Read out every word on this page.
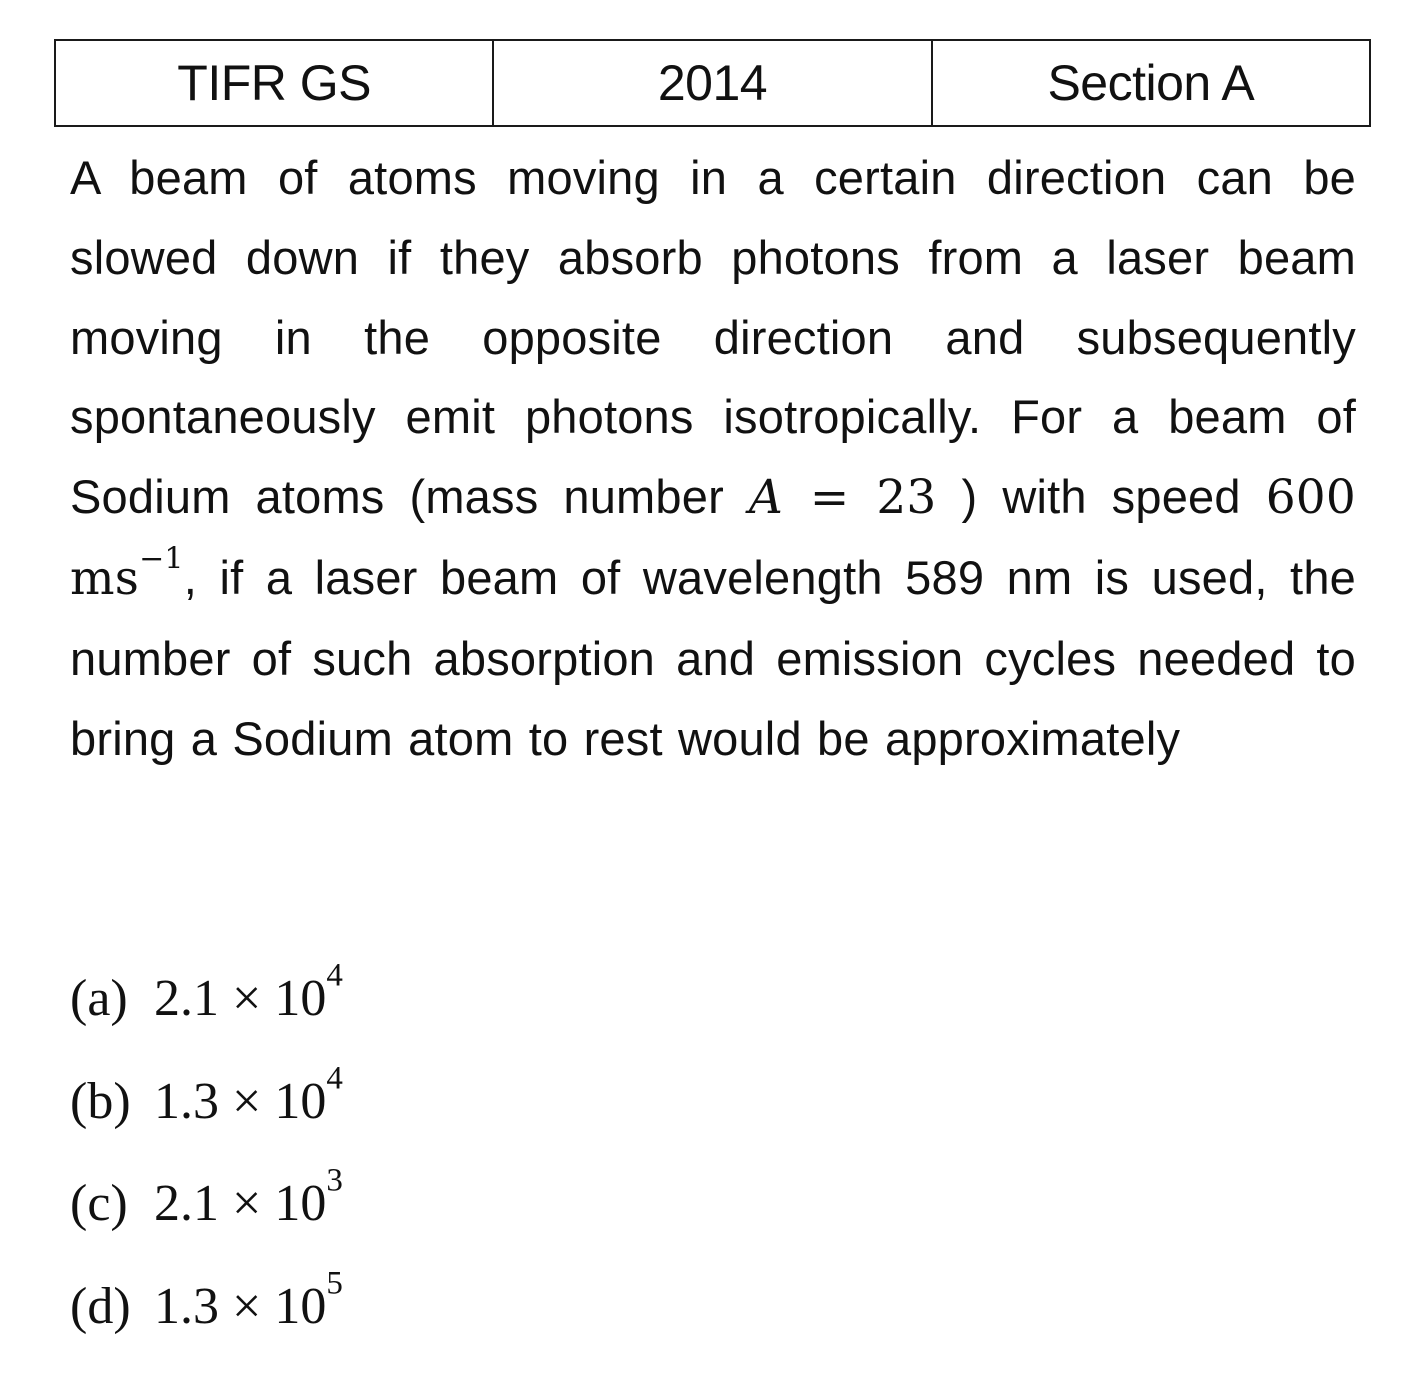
TIFR GS	2014	Section A

A beam of atoms moving in a certain direction can be slowed down if they absorb photons from a laser beam moving in the opposite direction and subsequently spontaneously emit photons isotropically. For a beam of Sodium atoms (mass number A = 23 ) with speed 600 $ms^{-1}$, if a laser beam of wavelength 589 nm is used, the number of such absorption and emission cycles needed to bring a Sodium atom to rest would be approximately

(a) $2.1 \times 10^4$
(b) $1.3 \times 10^4$
(c) $2.1 \times 10^3$
(d) $1.3 \times 10^5$
